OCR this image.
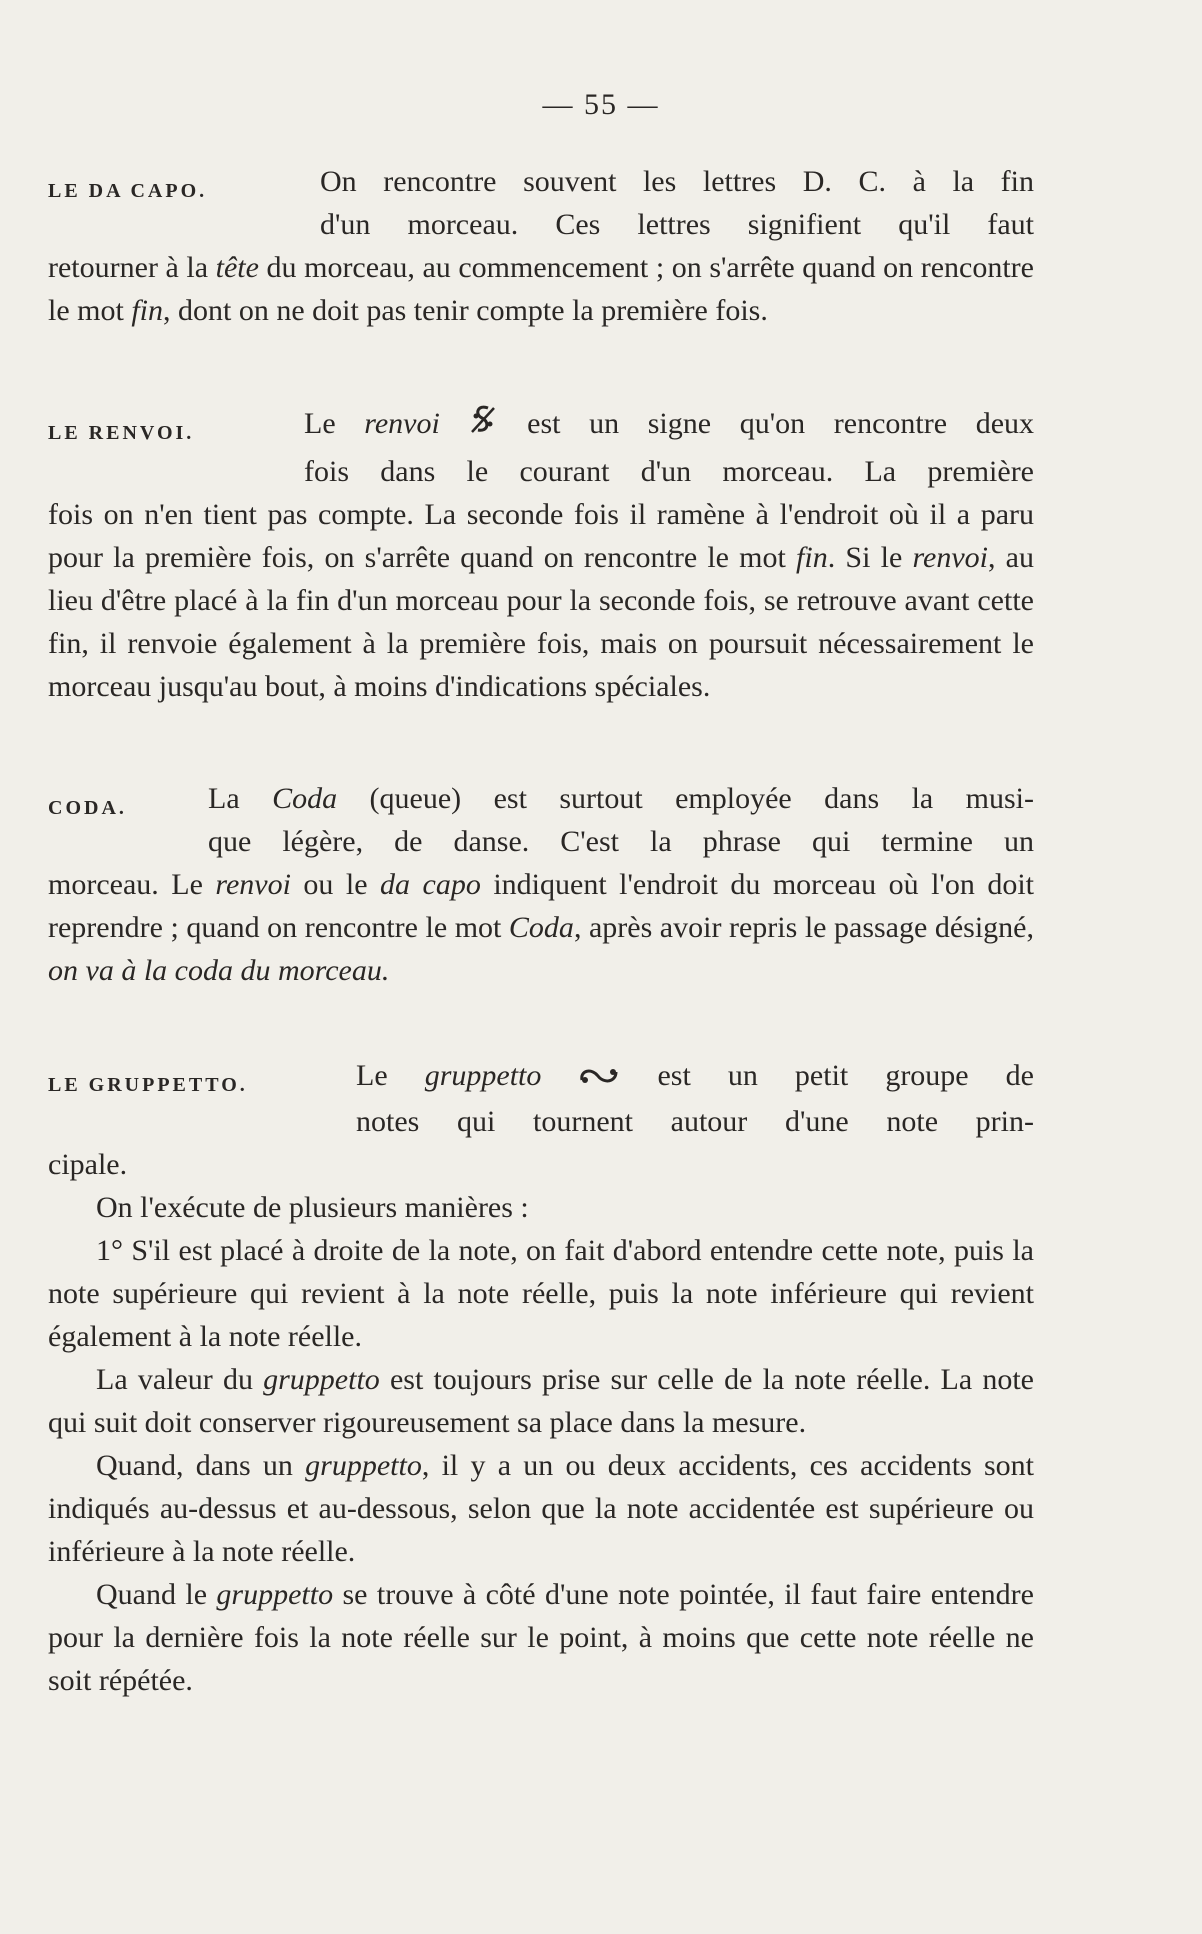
— 55 —
LE DA CAPO.	On rencontre souvent les lettres D. C. à la fin
d'un morceau. Ces lettres signifient qu'il faut

retourner à la tête du morceau, au commencement ; on s'arrête quand on rencontre le mot fin, dont on ne doit pas tenir compte la première fois.

LE RENVOI.	Le renvoi  est un signe qu'on rencontre deux
fois dans le courant d'un morceau. La première

fois on n'en tient pas compte. La seconde fois il ramène à l'endroit où il a paru pour la première fois, on s'arrête quand on rencontre le mot fin. Si le renvoi, au lieu d'être placé à la fin d'un morceau pour la seconde fois, se retrouve avant cette fin, il renvoie également à la première fois, mais on poursuit nécessairement le morceau jusqu'au bout, à moins d'indications spéciales.

CODA.	La Coda (queue) est surtout employée dans la musi-
que légère, de danse. C'est la phrase qui termine un

morceau. Le renvoi ou le da capo indiquent l'endroit du morceau où l'on doit reprendre ; quand on rencontre le mot Coda, après avoir repris le passage désigné, on va à la coda du morceau.

LE GRUPPETTO.	Le gruppetto	est un petit groupe de
notes qui tournent autour d'une note prin-

cipale.

On l'exécute de plusieurs manières :

1° S'il est placé à droite de la note, on fait d'abord entendre cette note, puis la note supérieure qui revient à la note réelle, puis la note inférieure qui revient également à la note réelle.

La valeur du gruppetto est toujours prise sur celle de la note réelle. La note qui suit doit conserver rigoureusement sa place dans la mesure.

Quand, dans un gruppetto, il y a un ou deux accidents, ces accidents sont indiqués au-dessus et au-dessous, selon que la note accidentée est supérieure ou inférieure à la note réelle.

Quand le gruppetto se trouve à côté d'une note pointée, il faut faire entendre pour la dernière fois la note réelle sur le point, à moins que cette note réelle ne soit répétée.
